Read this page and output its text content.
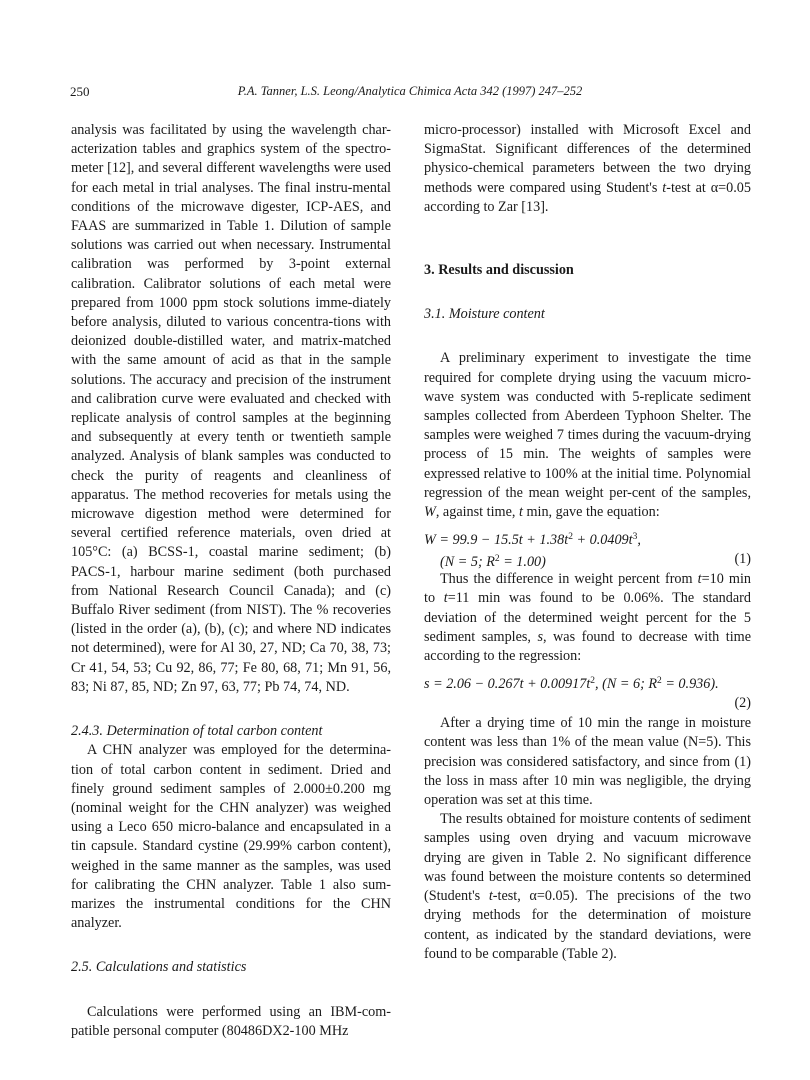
250	P.A. Tanner, L.S. Leong/Analytica Chimica Acta 342 (1997) 247–252

analysis was facilitated by using the wavelength char-acterization tables and graphics system of the spectro-meter [12], and several different wavelengths were used for each metal in trial analyses. The final instru-mental conditions of the microwave digester, ICP-AES, and FAAS are summarized in Table 1. Dilution of sample solutions was carried out when necessary. Instrumental calibration was performed by 3-point external calibration. Calibrator solutions of each metal were prepared from 1000 ppm stock solutions imme-diately before analysis, diluted to various concentra-tions with deionized double-distilled water, and matrix-matched with the same amount of acid as that in the sample solutions. The accuracy and precision of the instrument and calibration curve were evaluated and checked with replicate analysis of control samples at the beginning and subsequently at every tenth or twentieth sample analyzed. Analysis of blank samples was conducted to check the purity of reagents and cleanliness of apparatus. The method recoveries for metals using the microwave digestion method were determined for several certified reference materials, oven dried at 105°C: (a) BCSS-1, coastal marine sediment; (b) PACS-1, harbour marine sediment (both purchased from National Research Council Canada); and (c) Buffalo River sediment (from NIST). The % recoveries (listed in the order (a), (b), (c); and where ND indicates not determined), were for Al 30, 27, ND; Ca 70, 38, 73; Cr 41, 54, 53; Cu 92, 86, 77; Fe 80, 68, 71; Mn 91, 56, 83; Ni 87, 85, ND; Zn 97, 63, 77; Pb 74, 74, ND.

2.4.3. Determination of total carbon content

A CHN analyzer was employed for the determina-tion of total carbon content in sediment. Dried and finely ground sediment samples of 2.000±0.200 mg (nominal weight for the CHN analyzer) was weighed using a Leco 650 micro-balance and encapsulated in a tin capsule. Standard cystine (29.99% carbon content), weighed in the same manner as the samples, was used for calibrating the CHN analyzer. Table 1 also sum-marizes the instrumental conditions for the CHN analyzer.

2.5. Calculations and statistics

Calculations were performed using an IBM-com-patible personal computer (80486DX2-100 MHz

micro-processor) installed with Microsoft Excel and SigmaStat. Significant differences of the determined physico-chemical parameters between the two drying methods were compared using Student's t-test at α=0.05 according to Zar [13].

3. Results and discussion

3.1. Moisture content

A preliminary experiment to investigate the time required for complete drying using the vacuum micro-wave system was conducted with 5-replicate sediment samples collected from Aberdeen Typhoon Shelter. The samples were weighed 7 times during the vacuum-drying process of 15 min. The weights of samples were expressed relative to 100% at the initial time. Polynomial regression of the mean weight per-cent of the samples, W, against time, t min, gave the equation:

$W = 99.9 - 15.5t + 1.38t^2 + 0.0409t^3$,
(N = 5; $R^2 = 1.00$)	(1)

Thus the difference in weight percent from t=10 min to t=11 min was found to be 0.06%. The standard deviation of the determined weight percent for the 5 sediment samples, s, was found to decrease with time according to the regression:

$s = 2.06 - 0.267t + 0.00917t^2$, (N = 6; $R^2 = 0.936$).
(2)

After a drying time of 10 min the range in moisture content was less than 1% of the mean value (N=5). This precision was considered satisfactory, and since from (1) the loss in mass after 10 min was negligible, the drying operation was set at this time.

The results obtained for moisture contents of sediment samples using oven drying and vacuum microwave drying are given in Table 2. No significant difference was found between the moisture contents so determined (Student's t-test, α=0.05). The precisions of the two drying methods for the determination of moisture content, as indicated by the standard deviations, were found to be comparable (Table 2).
